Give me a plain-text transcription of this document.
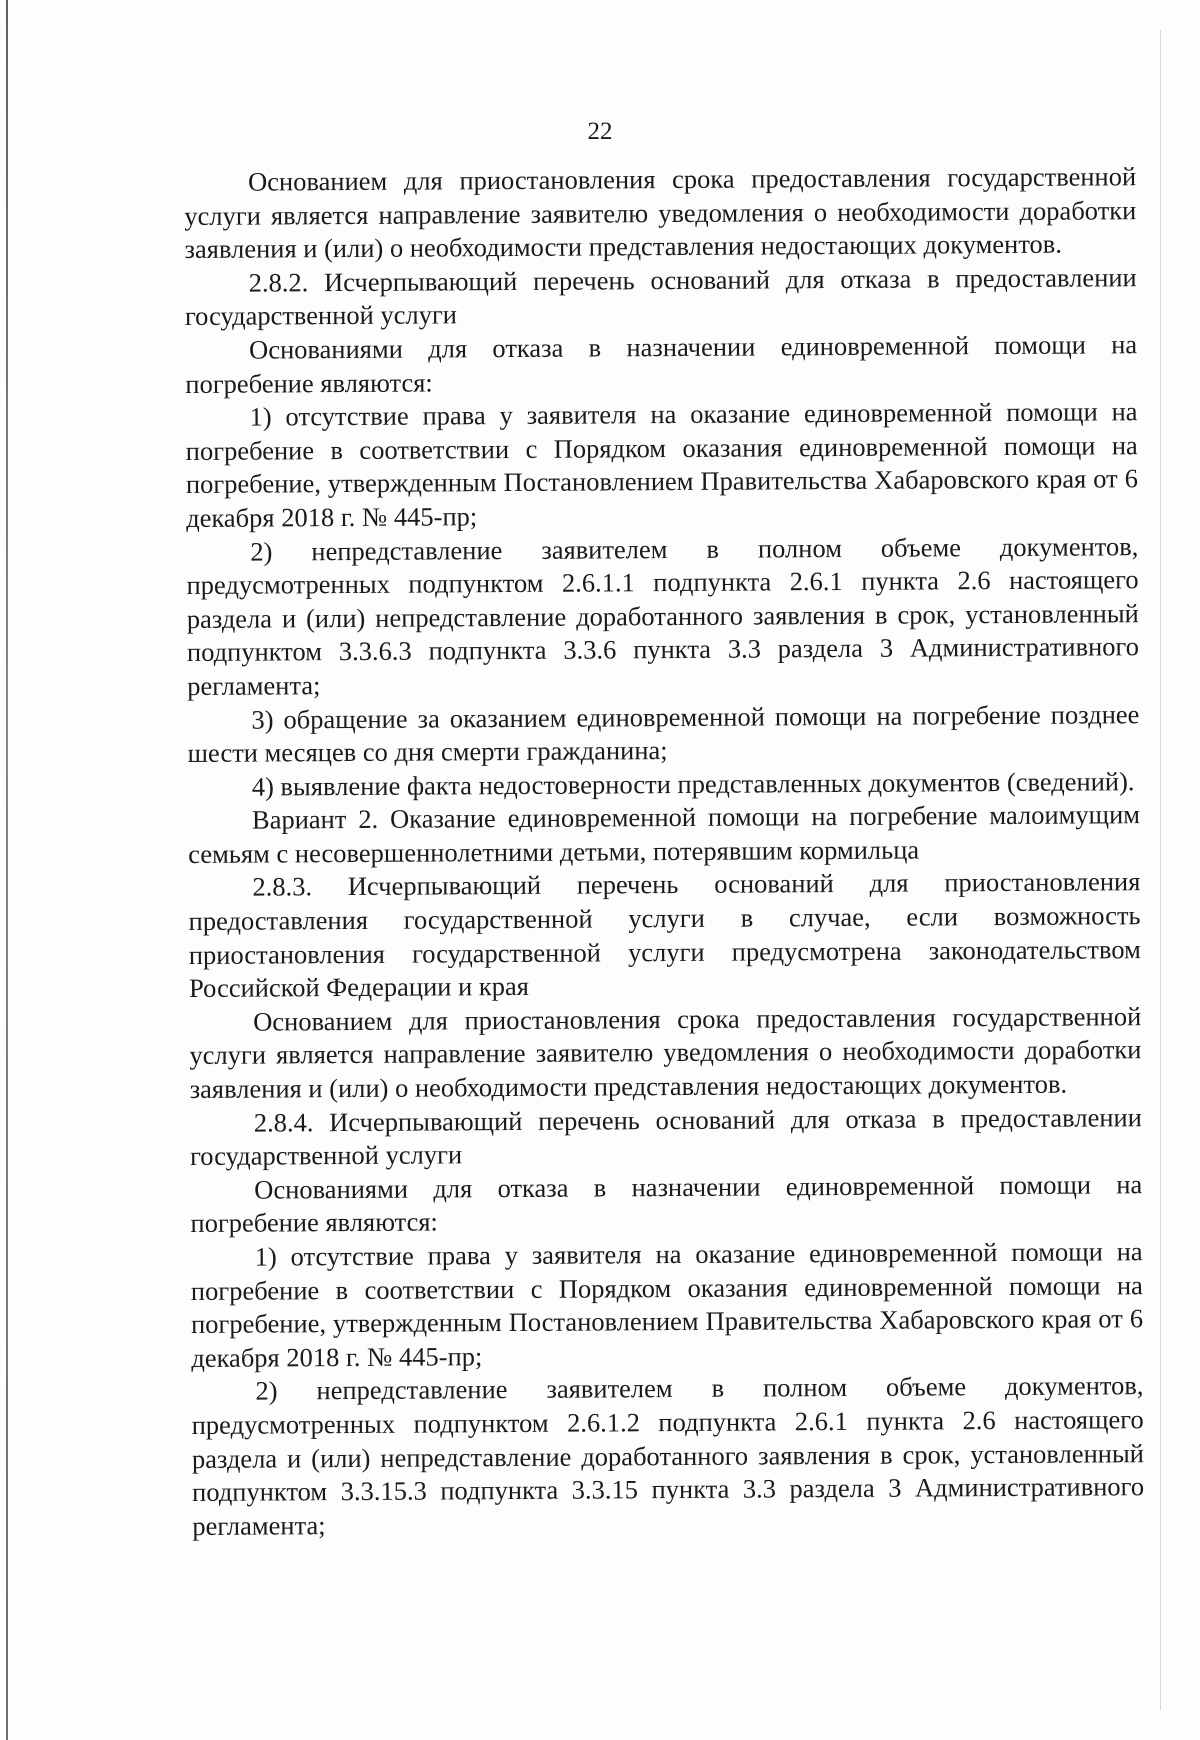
22

Основанием для приостановления срока предоставления государственной услуги является направление заявителю уведомления о необходимости доработки заявления и (или) о необходимости представления недостающих документов.

2.8.2. Исчерпывающий перечень оснований для отказа в предоставлении государственной услуги

Основаниями для отказа в назначении единовременной помощи на погребение являются:

1) отсутствие права у заявителя на оказание единовременной помощи на погребение в соответствии с Порядком оказания единовременной помощи на погребение, утвержденным Постановлением Правительства Хабаровского края от 6 декабря 2018 г. № 445-пр;

2) непредставление заявителем в полном объеме документов, предусмотренных подпунктом 2.6.1.1 подпункта 2.6.1 пункта 2.6 настоящего раздела и (или) непредставление доработанного заявления в срок, установленный подпунктом 3.3.6.3 подпункта 3.3.6 пункта 3.3 раздела 3 Административного регламента;

3) обращение за оказанием единовременной помощи на погребение позднее шести месяцев со дня смерти гражданина;

4) выявление факта недостоверности представленных документов (сведений).

Вариант 2. Оказание единовременной помощи на погребение малоимущим семьям с несовершеннолетними детьми, потерявшим кормильца

2.8.3. Исчерпывающий перечень оснований для приостановления предоставления государственной услуги в случае, если возможность приостановления государственной услуги предусмотрена законодательством Российской Федерации и края

Основанием для приостановления срока предоставления государственной услуги является направление заявителю уведомления о необходимости доработки заявления и (или) о необходимости представления недостающих документов.

2.8.4. Исчерпывающий перечень оснований для отказа в предоставлении государственной услуги

Основаниями для отказа в назначении единовременной помощи на погребение являются:

1) отсутствие права у заявителя на оказание единовременной помощи на погребение в соответствии с Порядком оказания единовременной помощи на погребение, утвержденным Постановлением Правительства Хабаровского края от 6 декабря 2018 г. № 445-пр;

2) непредставление заявителем в полном объеме документов, предусмотренных подпунктом 2.6.1.2 подпункта 2.6.1 пункта 2.6 настоящего раздела и (или) непредставление доработанного заявления в срок, установленный подпунктом 3.3.15.3 подпункта 3.3.15 пункта 3.3 раздела 3 Административного регламента;
